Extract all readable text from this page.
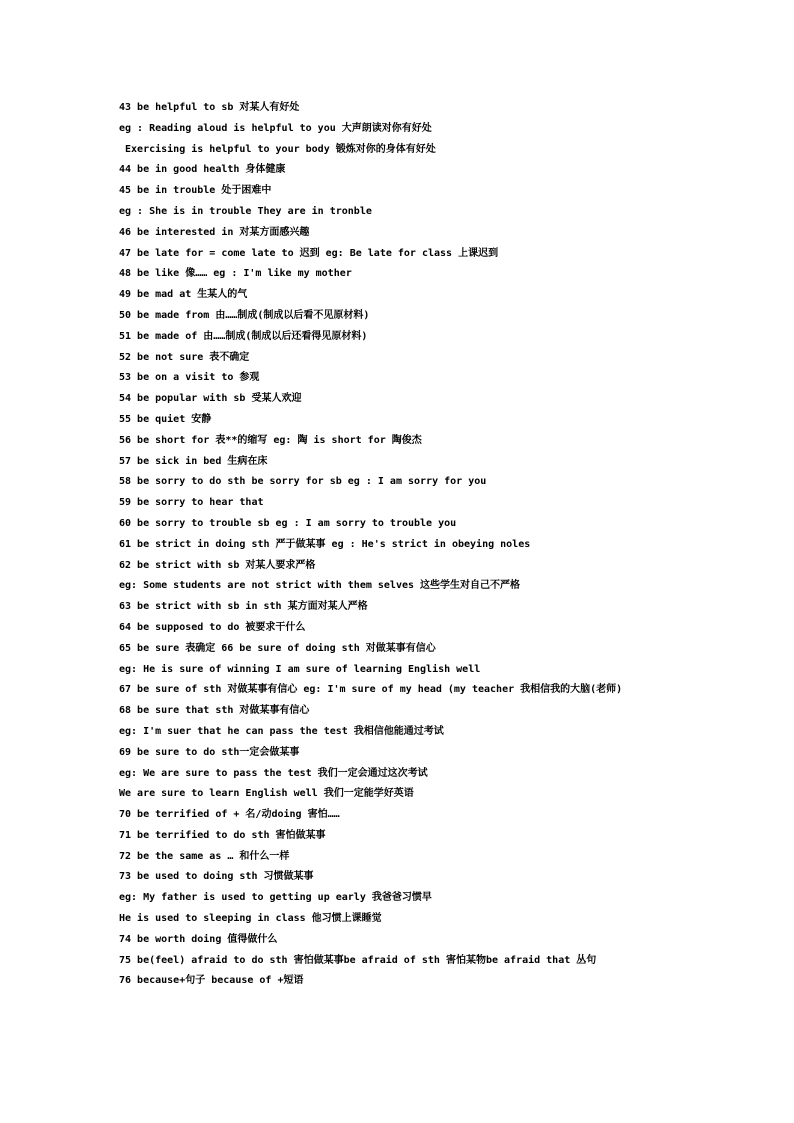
43 be helpful to sb 对某人有好处
eg : Reading aloud is helpful to you 大声朗读对你有好处
Exercising is helpful to your body 锻炼对你的身体有好处
44 be in good health 身体健康
45 be in trouble 处于困难中
eg : She is in trouble They are in tronble
46 be interested in 对某方面感兴趣
47 be late for = come late to 迟到 eg: Be late for class 上课迟到
48 be like 像…… eg : I'm like my mother
49 be mad at 生某人的气
50 be made from 由……制成(制成以后看不见原材料)
51 be made of 由……制成(制成以后还看得见原材料)
52 be not sure 表不确定
53 be on a visit to 参观
54 be popular with sb 受某人欢迎
55 be quiet 安静
56 be short for 表**的缩写 eg: 陶 is short for 陶俊杰
57 be sick in bed 生病在床
58 be sorry to do sth be sorry for sb eg : I am sorry for you
59 be sorry to hear that
60 be sorry to trouble sb eg : I am sorry to trouble you
61 be strict in doing sth 严于做某事 eg : He's strict in obeying noles
62 be strict with sb 对某人要求严格
eg: Some students are not strict with them selves 这些学生对自己不严格
63 be strict with sb in sth 某方面对某人严格
64 be supposed to do 被要求干什么
65 be sure 表确定 66 be sure of doing sth 对做某事有信心
eg: He is sure of winning I am sure of learning English well
67 be sure of sth 对做某事有信心 eg: I'm sure of my head (my teacher 我相信我的大脑(老师)
68 be sure that sth 对做某事有信心
eg: I'm suer that he can pass the test 我相信他能通过考试
69 be sure to do sth一定会做某事
eg: We are sure to pass the test 我们一定会通过这次考试
We are sure to learn English well 我们一定能学好英语
70 be terrified of + 名/动doing 害怕……
71 be terrified to do sth 害怕做某事
72 be the same as … 和什么一样
73 be used to doing sth 习惯做某事
eg: My father is used to getting up early 我爸爸习惯早
He is used to sleeping in class 他习惯上课睡觉
74 be worth doing 值得做什么
75 be(feel) afraid to do sth 害怕做某事be afraid of sth 害怕某物be afraid that 丛句
76 because+句子 because of +短语
